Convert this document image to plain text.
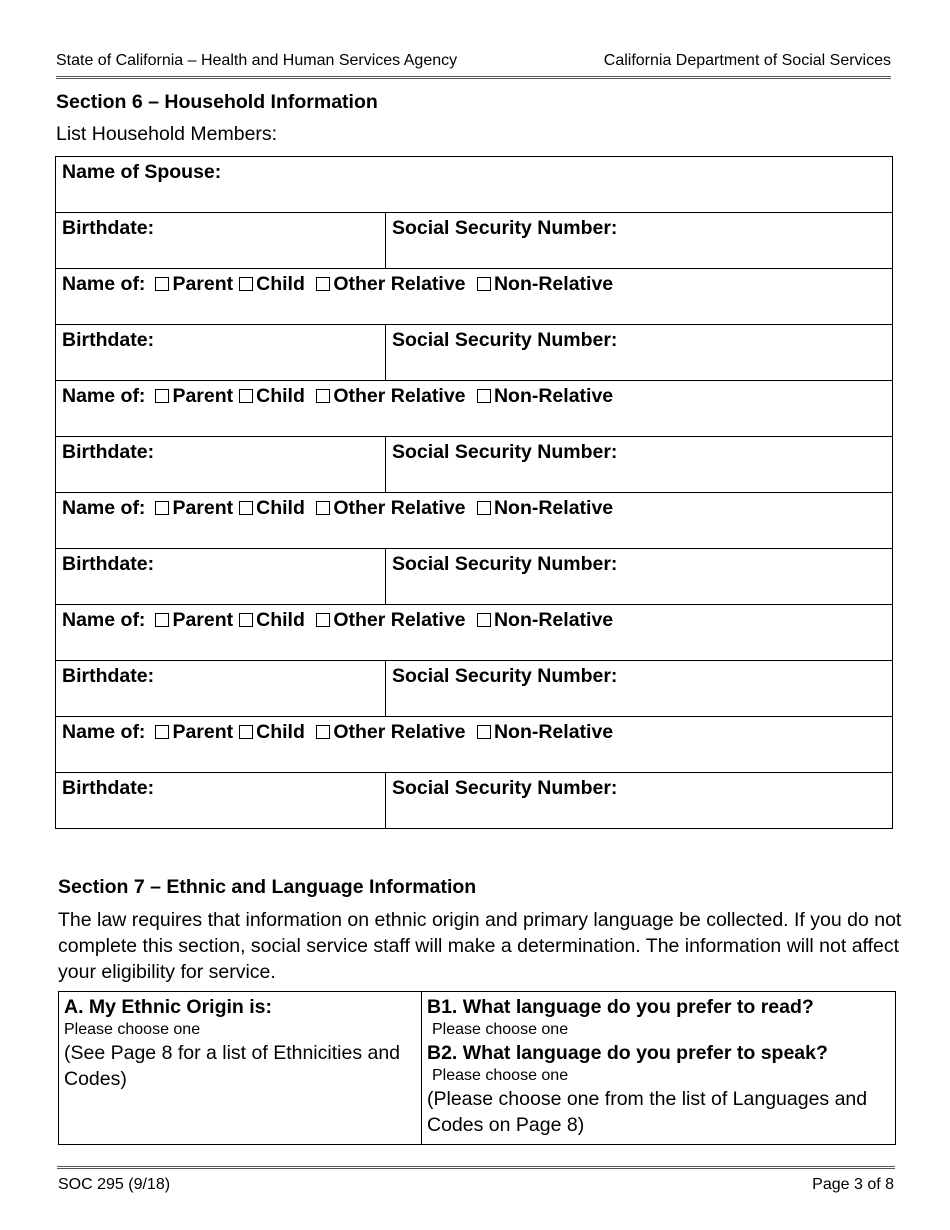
State of California – Health and Human Services Agency	California Department of Social Services
Section 6 – Household Information
List Household Members:
Name of Spouse:	
Birthdate:	Social Security Number:
Name of: Parent Child Other Relative Non-Relative	
Birthdate:	Social Security Number:
Name of: Parent Child Other Relative Non-Relative	
Birthdate:	Social Security Number:
Name of: Parent Child Other Relative Non-Relative	
Birthdate:	Social Security Number:
Name of: Parent Child Other Relative Non-Relative	
Birthdate:	Social Security Number:
Name of: Parent Child Other Relative Non-Relative	
Birthdate:	Social Security Number:
Section 7 – Ethnic and Language Information
The law requires that information on ethnic origin and primary language be collected. If you do not complete this section, social service staff will make a determination. The information will not affect your eligibility for service.
A. My Ethnic Origin is:
Please choose one
(See Page 8 for a list of Ethnicities and Codes)

B1. What language do you prefer to read?
Please choose one
B2. What language do you prefer to speak?
Please choose one
(Please choose one from the list of Languages and Codes on Page 8)
SOC 295 (9/18)	Page 3 of 8
